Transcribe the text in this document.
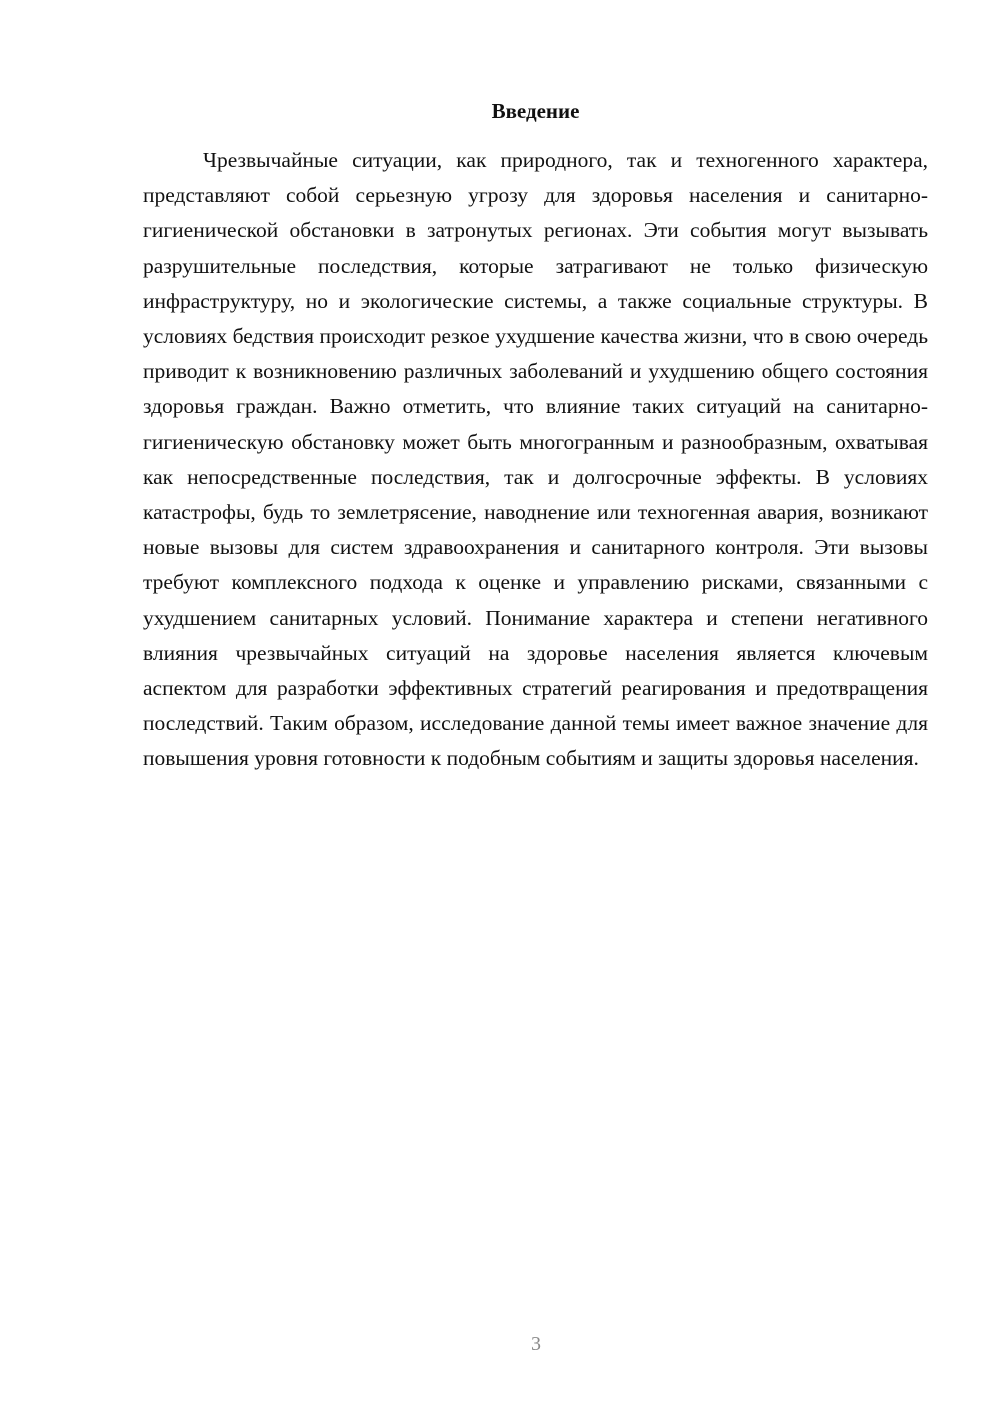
Введение

Чрезвычайные ситуации, как природного, так и техногенного характера, представляют собой серьезную угрозу для здоровья населения и санитарно-гигиенической обстановки в затронутых регионах. Эти события могут вызывать разрушительные последствия, которые затрагивают не только физическую инфраструктуру, но и экологические системы, а также социальные структуры. В условиях бедствия происходит резкое ухудшение качества жизни, что в свою очередь приводит к возникновению различных заболеваний и ухудшению общего состояния здоровья граждан. Важно отметить, что влияние таких ситуаций на санитарно-гигиеническую обстановку может быть многогранным и разнообразным, охватывая как непосредственные последствия, так и долгосрочные эффекты. В условиях катастрофы, будь то землетрясение, наводнение или техногенная авария, возникают новые вызовы для систем здравоохранения и санитарного контроля. Эти вызовы требуют комплексного подхода к оценке и управлению рисками, связанными с ухудшением санитарных условий. Понимание характера и степени негативного влияния чрезвычайных ситуаций на здоровье населения является ключевым аспектом для разработки эффективных стратегий реагирования и предотвращения последствий. Таким образом, исследование данной темы имеет важное значение для повышения уровня готовности к подобным событиям и защиты здоровья населения.

3
